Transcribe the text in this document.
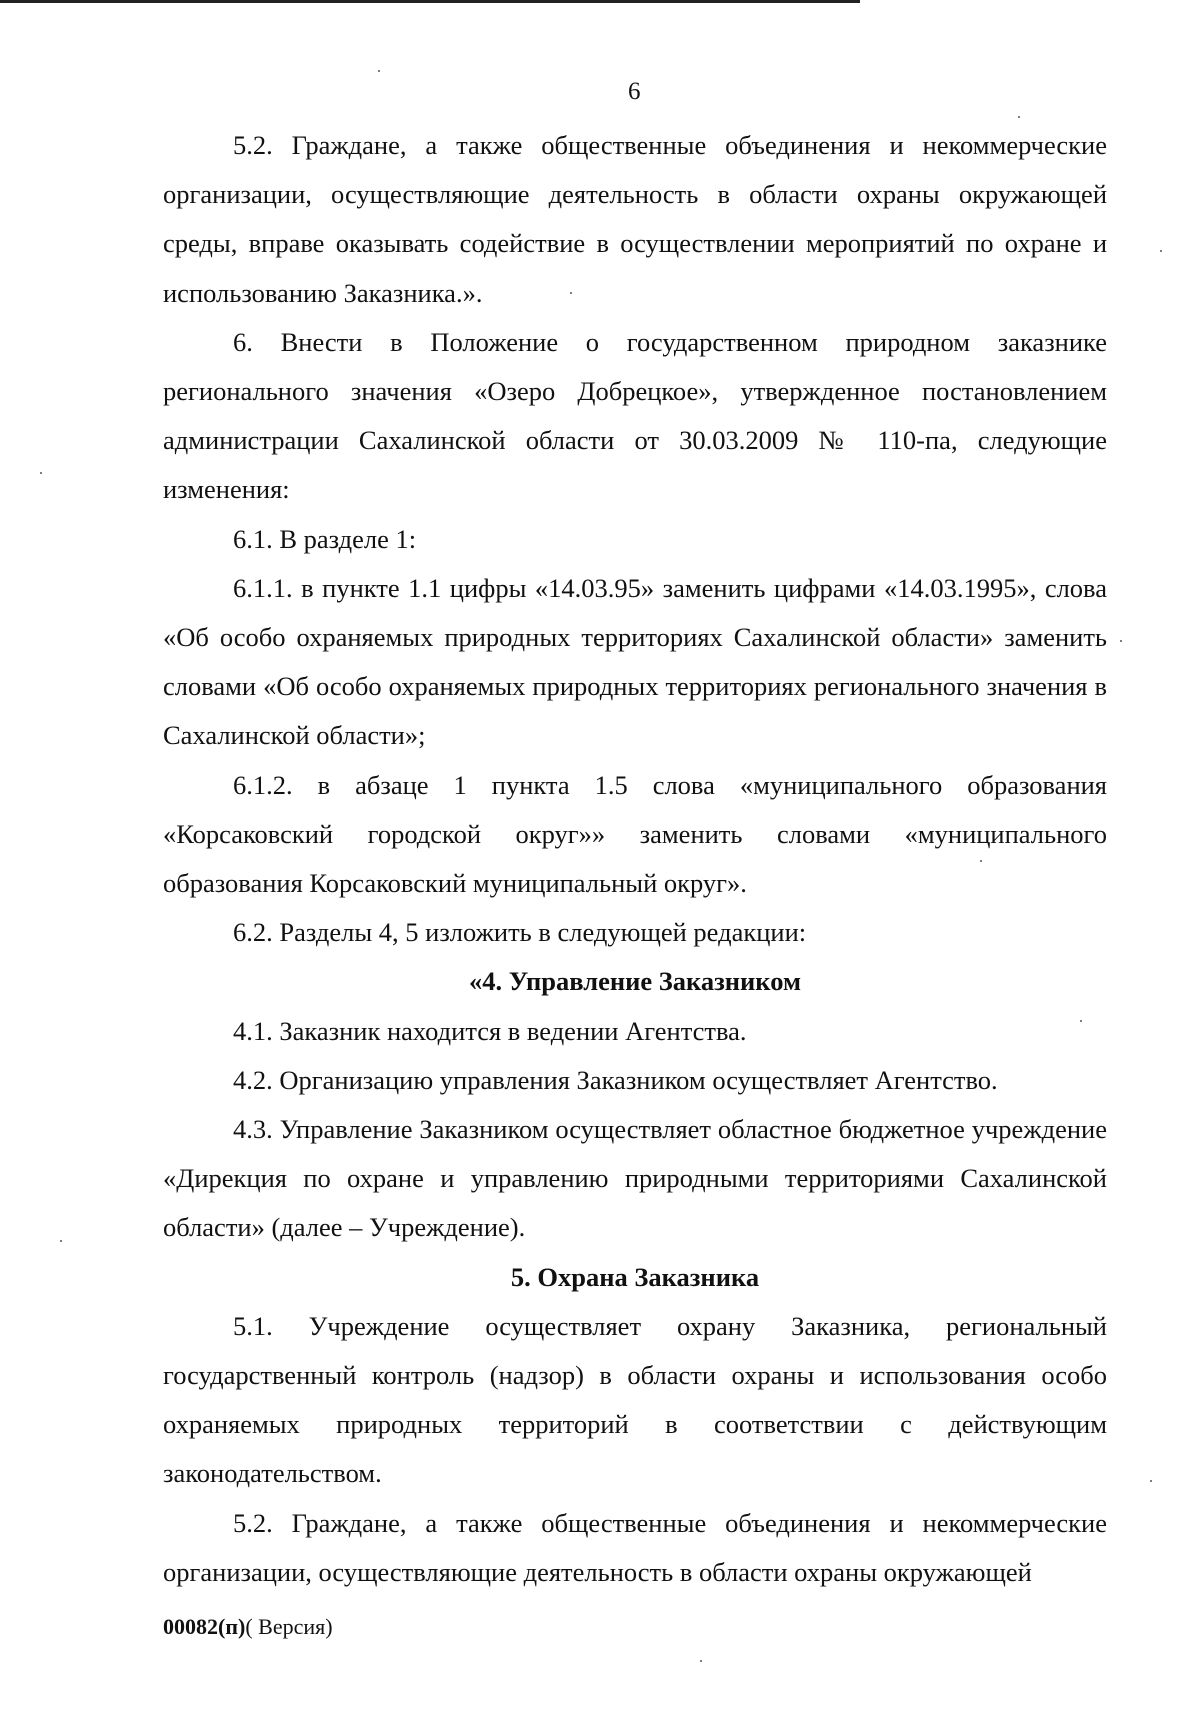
6

5.2. Граждане, а также общественные объединения и некоммерческие организации, осуществляющие деятельность в области охраны окружающей среды, вправе оказывать содействие в осуществлении мероприятий по охране и использованию Заказника.».

6. Внести в Положение о государственном природном заказнике регионального значения «Озеро Добрецкое», утвержденное постановлением администрации Сахалинской области от 30.03.2009 № 110-па, следующие изменения:

6.1. В разделе 1:

6.1.1. в пункте 1.1 цифры «14.03.95» заменить цифрами «14.03.1995», слова «Об особо охраняемых природных территориях Сахалинской области» заменить словами «Об особо охраняемых природных территориях регионального значения в Сахалинской области»;

6.1.2. в абзаце 1 пункта 1.5 слова «муниципального образования «Корсаковский городской округ»» заменить словами «муниципального образования Корсаковский муниципальный округ».

6.2. Разделы 4, 5 изложить в следующей редакции:

«4. Управление Заказником

4.1. Заказник находится в ведении Агентства.

4.2. Организацию управления Заказником осуществляет Агентство.

4.3. Управление Заказником осуществляет областное бюджетное учреждение «Дирекция по охране и управлению природными территориями Сахалинской области» (далее – Учреждение).

5. Охрана Заказника

5.1. Учреждение осуществляет охрану Заказника, региональный государственный контроль (надзор) в области охраны и использования особо охраняемых природных территорий в соответствии с действующим законодательством.

5.2. Граждане, а также общественные объединения и некоммерческие организации, осуществляющие деятельность в области охраны окружающей

00082(п)( Версия)
